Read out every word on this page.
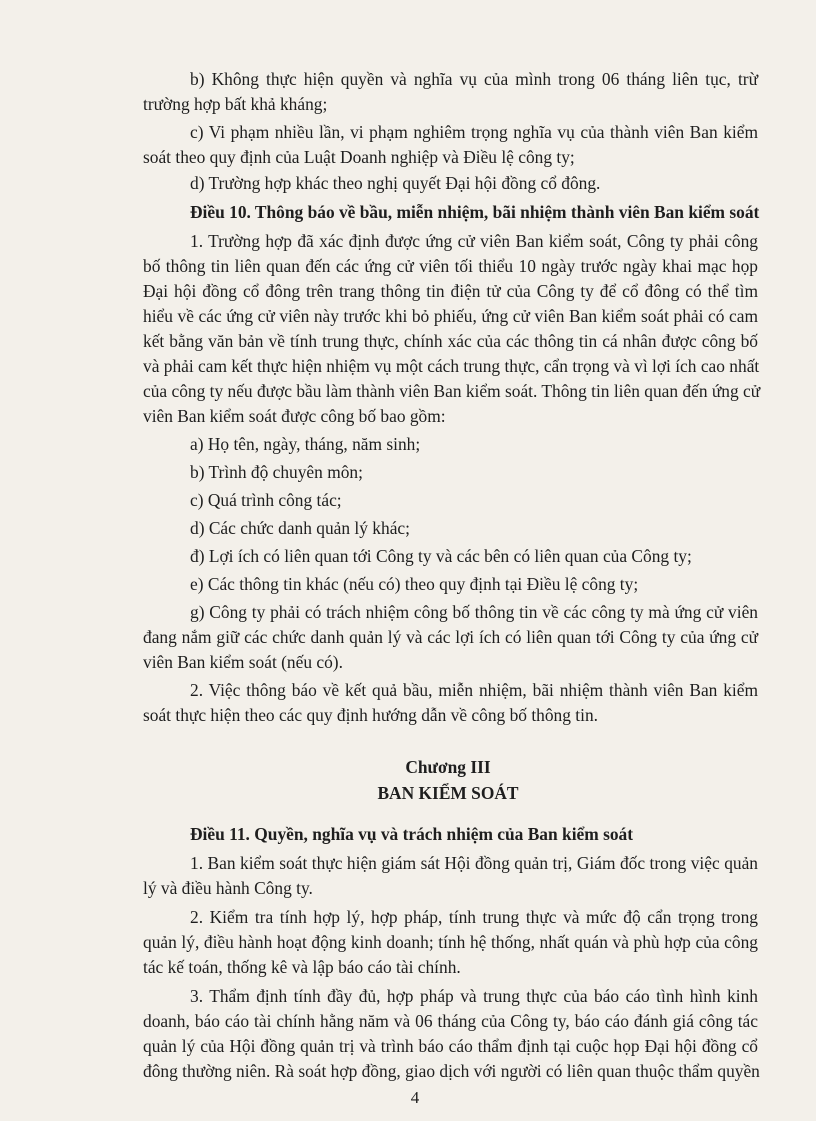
b) Không thực hiện quyền và nghĩa vụ của mình trong 06 tháng liên tục, trừ
trường hợp bất khả kháng;
c) Vi phạm nhiều lần, vi phạm nghiêm trọng nghĩa vụ của thành viên Ban kiểm
soát theo quy định của Luật Doanh nghiệp và Điều lệ công ty;
d) Trường hợp khác theo nghị quyết Đại hội đồng cổ đông.
Điều 10. Thông báo về bầu, miễn nhiệm, bãi nhiệm thành viên Ban kiểm soát
1. Trường hợp đã xác định được ứng cử viên Ban kiểm soát, Công ty phải công
bố thông tin liên quan đến các ứng cử viên tối thiểu 10 ngày trước ngày khai mạc họp
Đại hội đồng cổ đông trên trang thông tin điện tử của Công ty để cổ đông có thể tìm
hiểu về các ứng cử viên này trước khi bỏ phiếu, ứng cử viên Ban kiểm soát phải có cam
kết bằng văn bản về tính trung thực, chính xác của các thông tin cá nhân được công bố
và phải cam kết thực hiện nhiệm vụ một cách trung thực, cẩn trọng và vì lợi ích cao nhất
của công ty nếu được bầu làm thành viên Ban kiểm soát. Thông tin liên quan đến ứng cử
viên Ban kiểm soát được công bố bao gồm:
a) Họ tên, ngày, tháng, năm sinh;
b) Trình độ chuyên môn;
c) Quá trình công tác;
d) Các chức danh quản lý khác;
đ) Lợi ích có liên quan tới Công ty và các bên có liên quan của Công ty;
e) Các thông tin khác (nếu có) theo quy định tại Điều lệ công ty;
g) Công ty phải có trách nhiệm công bố thông tin về các công ty mà ứng cử viên
đang nắm giữ các chức danh quản lý và các lợi ích có liên quan tới Công ty của ứng cử
viên Ban kiểm soát (nếu có).
2. Việc thông báo về kết quả bầu, miễn nhiệm, bãi nhiệm thành viên Ban kiểm
soát thực hiện theo các quy định hướng dẫn về công bố thông tin.
Chương III
BAN KIỂM SOÁT
Điều 11. Quyền, nghĩa vụ và trách nhiệm của Ban kiểm soát
1. Ban kiểm soát thực hiện giám sát Hội đồng quản trị, Giám đốc trong việc quản
lý và điều hành Công ty.
2. Kiểm tra tính hợp lý, hợp pháp, tính trung thực và mức độ cẩn trọng trong
quản lý, điều hành hoạt động kinh doanh; tính hệ thống, nhất quán và phù hợp của công
tác kế toán, thống kê và lập báo cáo tài chính.
3. Thẩm định tính đầy đủ, hợp pháp và trung thực của báo cáo tình hình kinh
doanh, báo cáo tài chính hằng năm và 06 tháng của Công ty, báo cáo đánh giá công tác
quản lý của Hội đồng quản trị và trình báo cáo thẩm định tại cuộc họp Đại hội đồng cổ
đông thường niên. Rà soát hợp đồng, giao dịch với người có liên quan thuộc thẩm quyền
4
